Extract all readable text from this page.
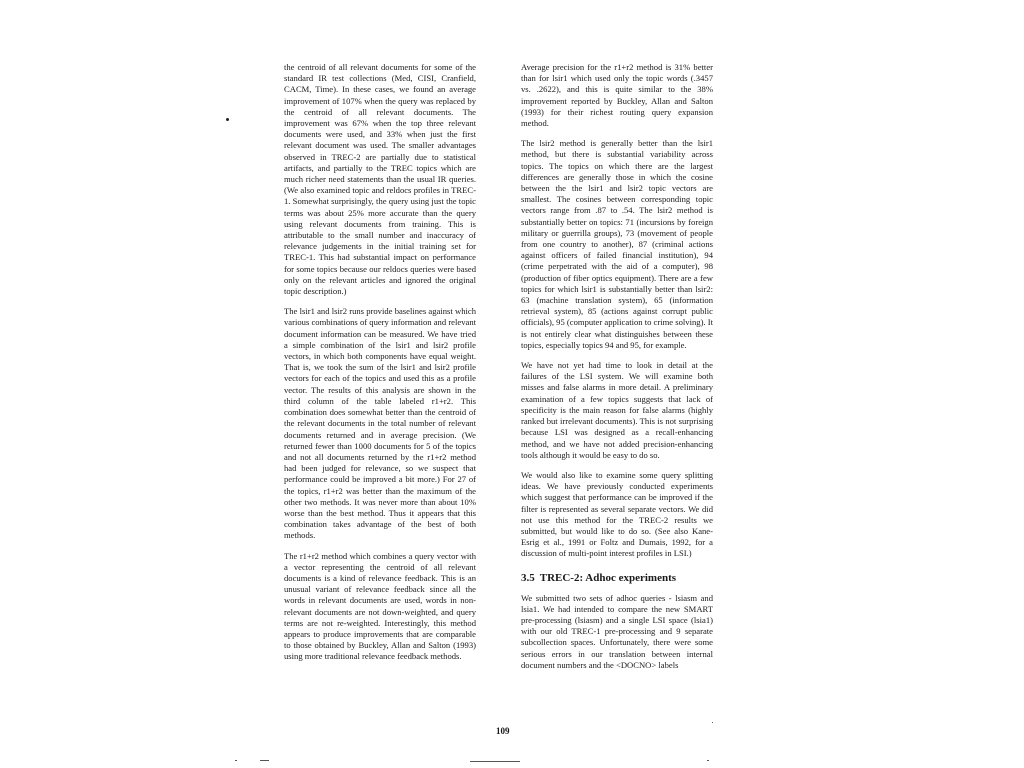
the centroid of all relevant documents for some of the standard IR test collections (Med, CISI, Cranfield, CACM, Time). In these cases, we found an average improvement of 107% when the query was replaced by the centroid of all relevant documents. The improvement was 67% when the top three relevant documents were used, and 33% when just the first relevant document was used. The smaller advantages observed in TREC-2 are partially due to statistical artifacts, and partially to the TREC topics which are much richer need statements than the usual IR queries. (We also examined topic and reldocs profiles in TREC-1. Somewhat surprisingly, the query using just the topic terms was about 25% more accurate than the query using relevant documents from training. This is attributable to the small number and inaccuracy of relevance judgements in the initial training set for TREC-1. This had substantial impact on performance for some topics because our reldocs queries were based only on the relevant articles and ignored the original topic description.)

The lsir1 and lsir2 runs provide baselines against which various combinations of query information and relevant document information can be measured. We have tried a simple combination of the lsir1 and lsir2 profile vectors, in which both components have equal weight. That is, we took the sum of the lsir1 and lsir2 profile vectors for each of the topics and used this as a profile vector. The results of this analysis are shown in the third column of the table labeled r1+r2. This combination does somewhat better than the centroid of the relevant documents in the total number of relevant documents returned and in average precision. (We returned fewer than 1000 documents for 5 of the topics and not all documents returned by the r1+r2 method had been judged for relevance, so we suspect that performance could be improved a bit more.) For 27 of the topics, r1+r2 was better than the maximum of the other two methods. It was never more than about 10% worse than the best method. Thus it appears that this combination takes advantage of the best of both methods.

The r1+r2 method which combines a query vector with a vector representing the centroid of all relevant documents is a kind of relevance feedback. This is an unusual variant of relevance feedback since all the words in relevant documents are used, words in non-relevant documents are not down-weighted, and query terms are not re-weighted. Interestingly, this method appears to produce improvements that are comparable to those obtained by Buckley, Allan and Salton (1993) using more traditional relevance feedback methods.

Average precision for the r1+r2 method is 31% better than for lsir1 which used only the topic words (.3457 vs. .2622), and this is quite similar to the 38% improvement reported by Buckley, Allan and Salton (1993) for their richest routing query expansion method.

The lsir2 method is generally better than the lsir1 method, but there is substantial variability across topics. The topics on which there are the largest differences are generally those in which the cosine between the the lsir1 and lsir2 topic vectors are smallest. The cosines between corresponding topic vectors range from .87 to .54. The lsir2 method is substantially better on topics: 71 (incursions by foreign military or guerrilla groups), 73 (movement of people from one country to another), 87 (criminal actions against officers of failed financial institution), 94 (crime perpetrated with the aid of a computer), 98 (production of fiber optics equipment). There are a few topics for which lsir1 is substantially better than lsir2: 63 (machine translation system), 65 (information retrieval system), 85 (actions against corrupt public officials), 95 (computer application to crime solving). It is not entirely clear what distinguishes between these topics, especially topics 94 and 95, for example.

We have not yet had time to look in detail at the failures of the LSI system. We will examine both misses and false alarms in more detail. A preliminary examination of a few topics suggests that lack of specificity is the main reason for false alarms (highly ranked but irrelevant documents). This is not surprising because LSI was designed as a recall-enhancing method, and we have not added precision-enhancing tools although it would be easy to do so.

We would also like to examine some query splitting ideas. We have previously conducted experiments which suggest that performance can be improved if the filter is represented as several separate vectors. We did not use this method for the TREC-2 results we submitted, but would like to do so. (See also Kane-Esrig et al., 1991 or Foltz and Dumais, 1992, for a discussion of multi-point interest profiles in LSI.)

3.5 TREC-2: Adhoc experiments

We submitted two sets of adhoc queries - lsiasm and lsia1. We had intended to compare the new SMART pre-processing (lsiasm) and a single LSI space (lsia1) with our old TREC-1 pre-processing and 9 separate subcollection spaces. Unfortunately, there were some serious errors in our translation between internal document numbers and the <DOCNO> labels

109
